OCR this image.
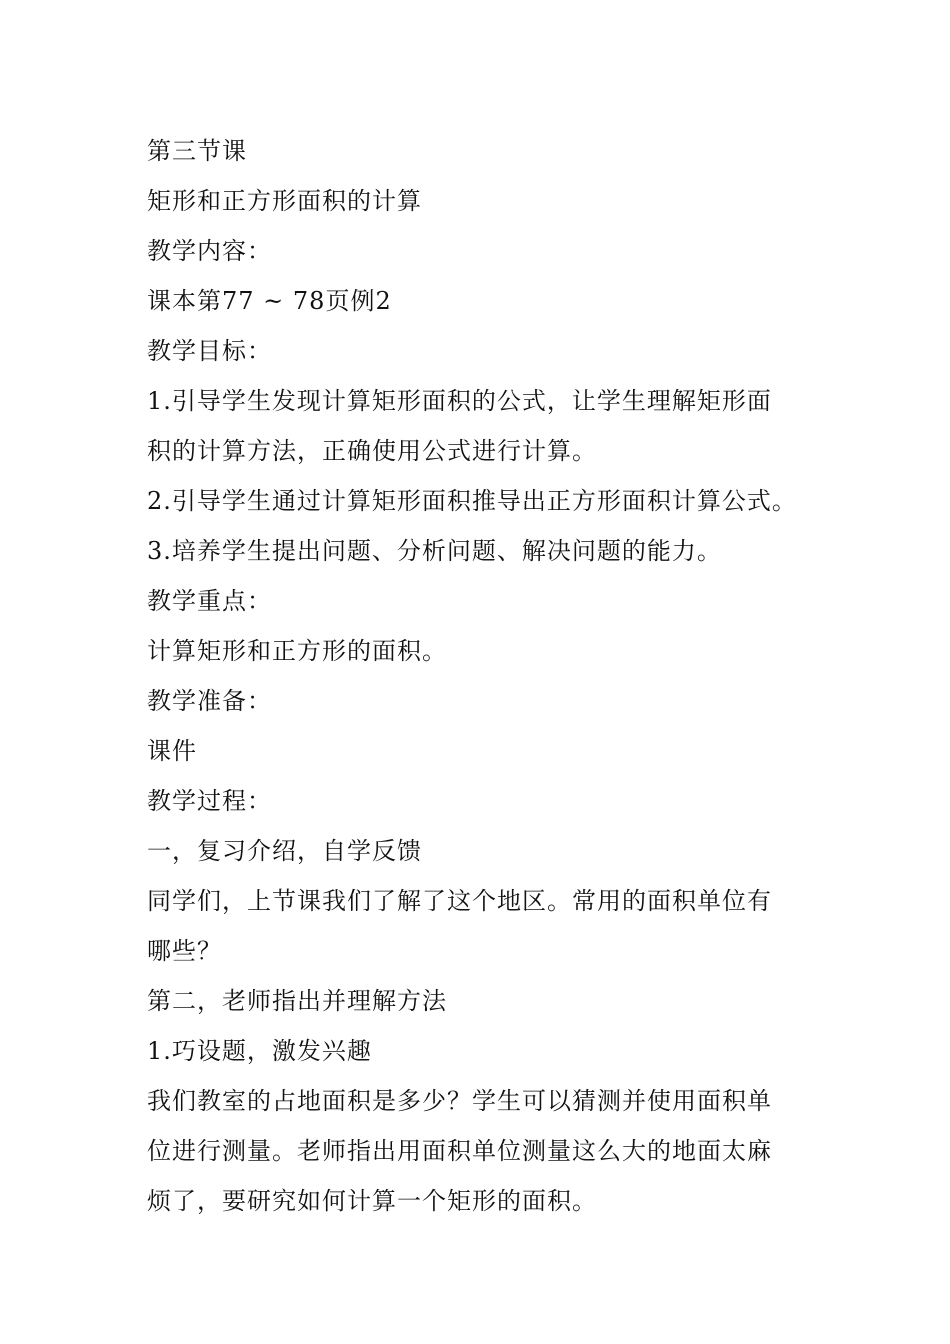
第三节课

矩形和正方形面积的计算

教学内容：

课本第77 ~ 78页例2

教学目标：

1.引导学生发现计算矩形面积的公式，让学生理解矩形面

积的计算方法，正确使用公式进行计算。

2.引导学生通过计算矩形面积推导出正方形面积计算公式。

3.培养学生提出问题、分析问题、解决问题的能力。

教学重点：

计算矩形和正方形的面积。

教学准备：

课件

教学过程：

一，复习介绍，自学反馈

同学们，上节课我们了解了这个地区。常用的面积单位有

哪些？

第二，老师指出并理解方法

1.巧设题，激发兴趣

我们教室的占地面积是多少？学生可以猜测并使用面积单

位进行测量。老师指出用面积单位测量这么大的地面太麻

烦了，要研究如何计算一个矩形的面积。
